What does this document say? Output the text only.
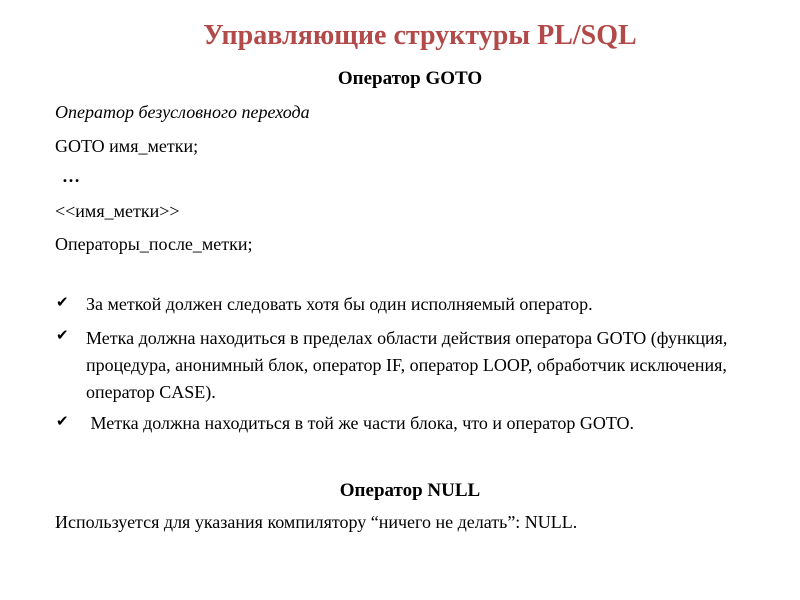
Управляющие структуры PL/SQL
Оператор GOTO
Оператор безусловного перехода
GOTO имя_метки;
…
<<имя_метки>>
Операторы_после_метки;
✔ За меткой должен следовать хотя бы один исполняемый оператор.
✔ Метка должна находиться в пределах области действия оператора GOTO (функция, процедура, анонимный блок, оператор IF, оператор LOOP, обработчик исключения, оператор CASE).
✔ Метка должна находиться в той же части блока, что и оператор GOTO.
Оператор NULL
Используется для указания компилятору “ничего не делать”: NULL.
